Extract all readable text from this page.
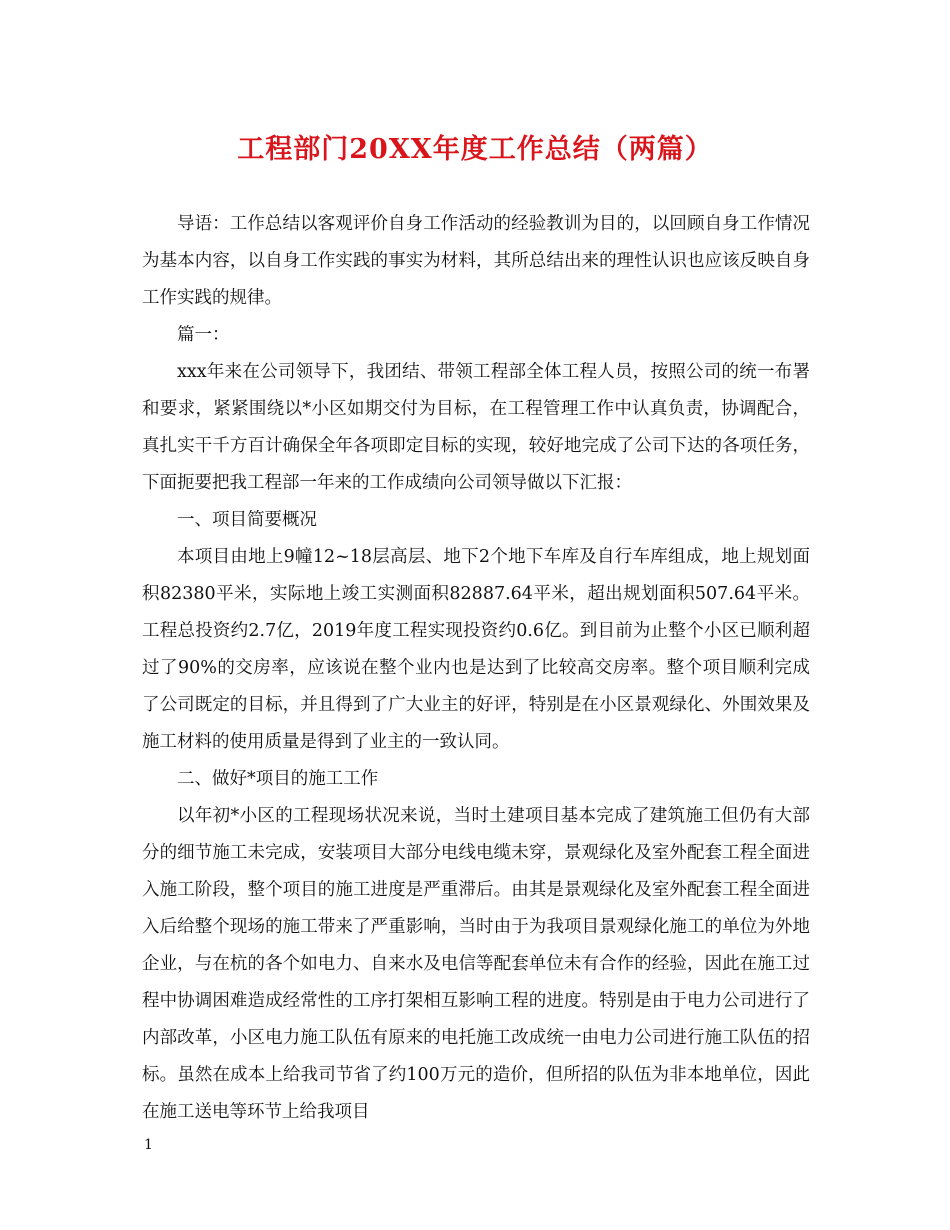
工程部门20XX年度工作总结（两篇）

导语：工作总结以客观评价自身工作活动的经验教训为目的，以回顾自身工作情况为基本内容，以自身工作实践的事实为材料，其所总结出来的理性认识也应该反映自身工作实践的规律。

篇一：

xxx年来在公司领导下，我团结、带领工程部全体工程人员，按照公司的统一布署和要求，紧紧围绕以*小区如期交付为目标，在工程管理工作中认真负责，协调配合，真扎实干千方百计确保全年各项即定目标的实现，较好地完成了公司下达的各项任务，下面扼要把我工程部一年来的工作成绩向公司领导做以下汇报：

一、项目简要概况

本项目由地上9幢12~18层高层、地下2个地下车库及自行车库组成，地上规划面积82380平米，实际地上竣工实测面积82887.64平米，超出规划面积507.64平米。工程总投资约2.7亿，2019年度工程实现投资约0.6亿。到目前为止整个小区已顺利超过了90%的交房率，应该说在整个业内也是达到了比较高交房率。整个项目顺利完成了公司既定的目标，并且得到了广大业主的好评，特别是在小区景观绿化、外围效果及施工材料的使用质量是得到了业主的一致认同。

二、做好*项目的施工工作

以年初*小区的工程现场状况来说，当时土建项目基本完成了建筑施工但仍有大部分的细节施工未完成，安装项目大部分电线电缆未穿，景观绿化及室外配套工程全面进入施工阶段，整个项目的施工进度是严重滞后。由其是景观绿化及室外配套工程全面进入后给整个现场的施工带来了严重影响，当时由于为我项目景观绿化施工的单位为外地企业，与在杭的各个如电力、自来水及电信等配套单位未有合作的经验，因此在施工过程中协调困难造成经常性的工序打架相互影响工程的进度。特别是由于电力公司进行了内部改革，小区电力施工队伍有原来的电托施工改成统一由电力公司进行施工队伍的招标。虽然在成本上给我司节省了约100万元的造价，但所招的队伍为非本地单位，因此在施工送电等环节上给我项目

1
